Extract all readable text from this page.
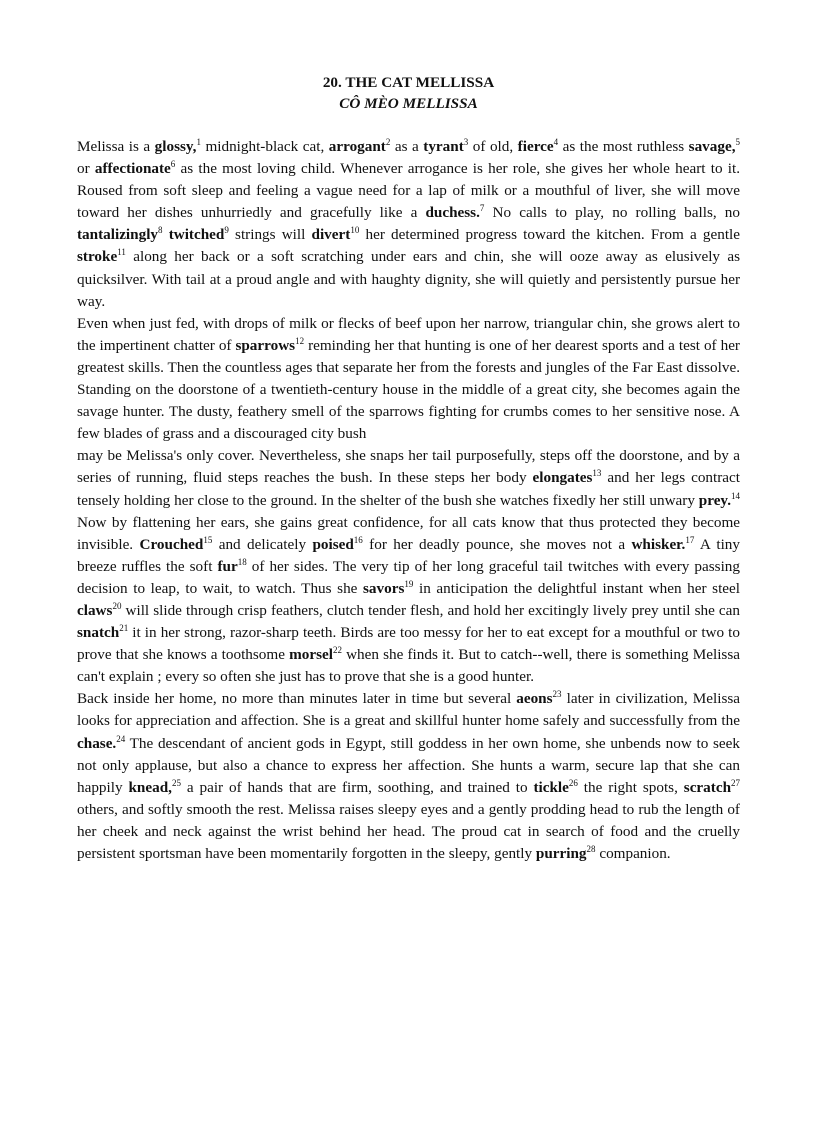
20. THE CAT MELLISSA
CÔ MÈO MELLISSA

Melissa is a glossy,$^1$ midnight-black cat, arrogant$^2$ as a tyrant$^3$ of old, fierce$^4$ as the most ruthless savage,$^5$ or affectionate$^6$ as the most loving child. Whenever arrogance is her role, she gives her whole heart to it. Roused from soft sleep and feeling a vague need for a lap of milk or a mouthful of liver, she will move toward her dishes unhurriedly and gracefully like a duchess.$^7$ No calls to play, no rolling balls, no tantalizingly$^8$ twitched$^9$ strings will divert$^{10}$ her determined progress toward the kitchen. From a gentle stroke$^{11}$ along her back or a soft scratching under ears and chin, she will ooze away as elusively as quicksilver. With tail at a proud angle and with haughty dignity, she will quietly and persistently pursue her way.

Even when just fed, with drops of milk or flecks of beef upon her narrow, triangular chin, she grows alert to the impertinent chatter of sparrows$^{12}$ reminding her that hunting is one of her dearest sports and a test of her greatest skills. Then the countless ages that separate her from the forests and jungles of the Far East dissolve. Standing on the doorstone of a twentieth-century house in the middle of a great city, she becomes again the savage hunter. The dusty, feathery smell of the sparrows fighting for crumbs comes to her sensitive nose. A few blades of grass and a discouraged city bush

may be Melissa's only cover. Nevertheless, she snaps her tail purposefully, steps off the doorstone, and by a series of running, fluid steps reaches the bush. In these steps her body elongates$^{13}$ and her legs contract tensely holding her close to the ground. In the shelter of the bush she watches fixedly her still unwary prey.$^{14}$ Now by flattening her ears, she gains great confidence, for all cats know that thus protected they become invisible. Crouched$^{15}$ and delicately poised$^{16}$ for her deadly pounce, she moves not a whisker.$^{17}$ A tiny breeze ruffles the soft fur$^{18}$ of her sides. The very tip of her long graceful tail twitches with every passing decision to leap, to wait, to watch. Thus she savors$^{19}$ in anticipation the delightful instant when her steel claws$^{20}$ will slide through crisp feathers, clutch tender flesh, and hold her excitingly lively prey until she can snatch$^{21}$ it in her strong, razor-sharp teeth. Birds are too messy for her to eat except for a mouthful or two to prove that she knows a toothsome morsel$^{22}$ when she finds it. But to catch--well, there is something Melissa can't explain ; every so often she just has to prove that she is a good hunter.

Back inside her home, no more than minutes later in time but several aeons$^{23}$ later in civilization, Melissa looks for appreciation and affection. She is a great and skillful hunter home safely and successfully from the chase.$^{24}$ The descendant of ancient gods in Egypt, still goddess in her own home, she unbends now to seek not only applause, but also a chance to express her affection. She hunts a warm, secure lap that she can happily knead,$^{25}$ a pair of hands that are firm, soothing, and trained to tickle$^{26}$ the right spots, scratch$^{27}$ others, and softly smooth the rest. Melissa raises sleepy eyes and a gently prodding head to rub the length of her cheek and neck against the wrist behind her head. The proud cat in search of food and the cruelly persistent sportsman have been momentarily forgotten in the sleepy, gently purring$^{28}$ companion.
